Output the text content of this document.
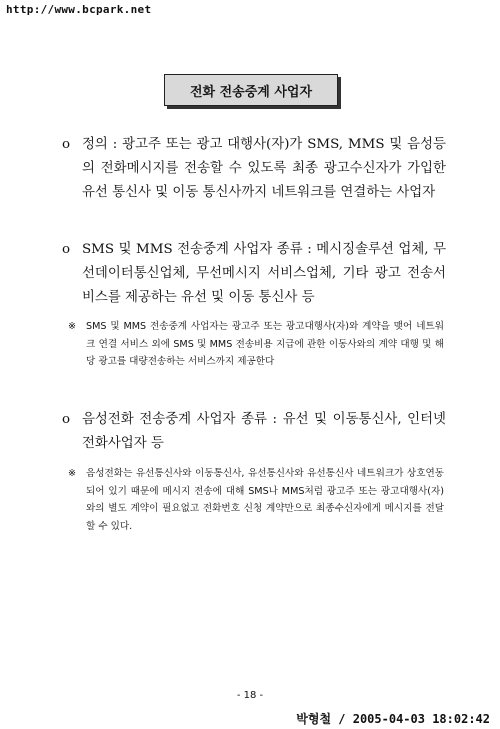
http://www.bcpark.net
전화 전송중계 사업자
o 정의 : 광고주 또는 광고 대행사(자)가 SMS, MMS 및 음성등의 전화메시지를 전송할 수 있도록 최종 광고수신자가 가입한 유선 통신사 및 이동 통신사까지 네트워크를 연결하는 사업자
o SMS 및 MMS 전송중계 사업자 종류 : 메시징솔루션 업체, 무선데이터통신업체, 무선메시지 서비스업체, 기타 광고 전송서비스를 제공하는 유선 및 이동 통신사 등
※	SMS 및 MMS 전송중계 사업자는 광고주 또는 광고대행사(자)와 계약을 맺어 네트워크 연결 서비스 외에 SMS 및 MMS 전송비용 지급에 관한 이동사와의 계약 대행 및 해당 광고를 대량전송하는 서비스까지 제공한다
o 음성전화 전송중계 사업자 종류 : 유선 및 이동통신사, 인터넷 전화사업자 등
※	음성전화는 유선통신사와 이동통신사, 유선통신사와 유선통신사 네트워크가 상호연동되어 있기 때문에 메시지 전송에 대해 SMS나 MMS처럼 광고주 또는 광고대행사(자)와의 별도 계약이 필요없고 전화번호 신청 계약만으로 최종수신자에게 메시지를 전달할 수 있다.
- 18 -
박형철 / 2005-04-03 18:02:42
